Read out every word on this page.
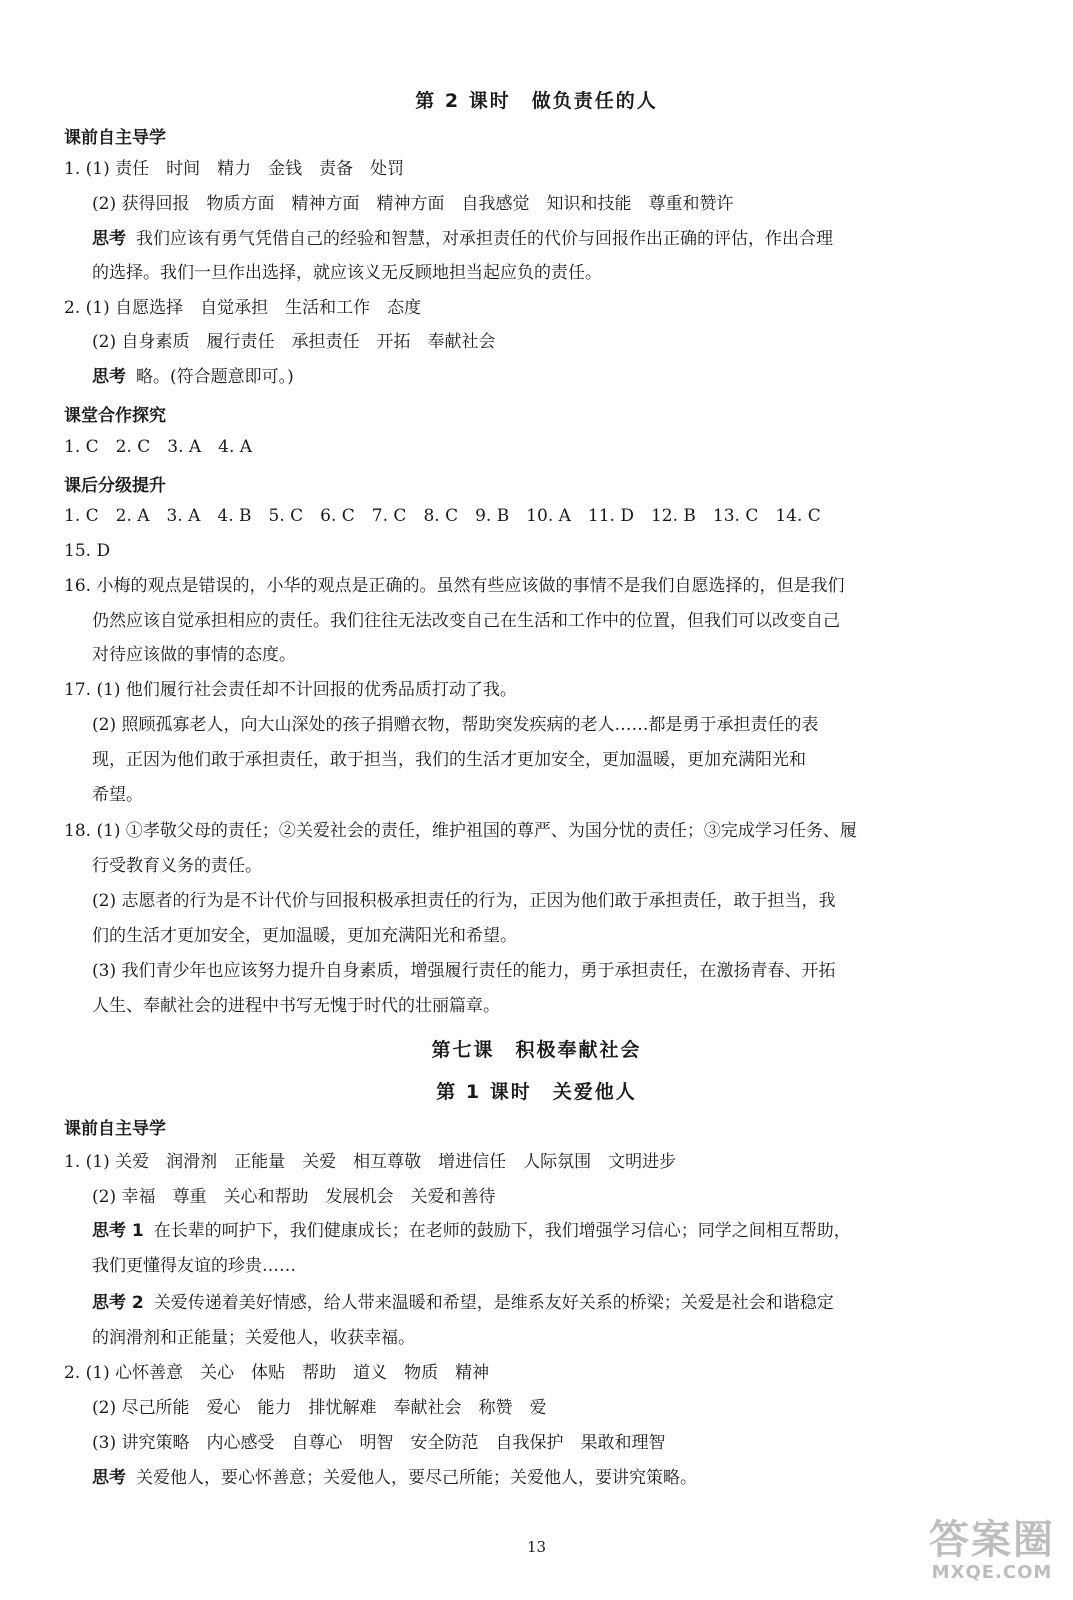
第 2 课时　做负责任的人
课前自主导学
1. (1) 责任　时间　精力　金钱　责备　处罚
(2) 获得回报　物质方面　精神方面　精神方面　自我感觉　知识和技能　尊重和赞许
思考 我们应该有勇气凭借自己的经验和智慧，对承担责任的代价与回报作出正确的评估，作出合理
的选择。我们一旦作出选择，就应该义无反顾地担当起应负的责任。
2. (1) 自愿选择　自觉承担　生活和工作　态度
(2) 自身素质　履行责任　承担责任　开拓　奉献社会
思考 略。(符合题意即可。)
课堂合作探究
1. C　2. C　3. A　4. A
课后分级提升
1. C　2. A　3. A　4. B　5. C　6. C　7. C　8. C　9. B　10. A　11. D　12. B　13. C　14. C
15. D
16. 小梅的观点是错误的，小华的观点是正确的。虽然有些应该做的事情不是我们自愿选择的，但是我们
仍然应该自觉承担相应的责任。我们往往无法改变自己在生活和工作中的位置，但我们可以改变自己
对待应该做的事情的态度。
17. (1) 他们履行社会责任却不计回报的优秀品质打动了我。
(2) 照顾孤寡老人，向大山深处的孩子捐赠衣物，帮助突发疾病的老人……都是勇于承担责任的表
现，正因为他们敢于承担责任，敢于担当，我们的生活才更加安全，更加温暖，更加充满阳光和
希望。
18. (1) ①孝敬父母的责任；②关爱社会的责任，维护祖国的尊严、为国分忧的责任；③完成学习任务、履
行受教育义务的责任。
(2) 志愿者的行为是不计代价与回报积极承担责任的行为，正因为他们敢于承担责任，敢于担当，我
们的生活才更加安全，更加温暖，更加充满阳光和希望。
(3) 我们青少年也应该努力提升自身素质，增强履行责任的能力，勇于承担责任，在激扬青春、开拓
人生、奉献社会的进程中书写无愧于时代的壮丽篇章。
第七课　积极奉献社会
第 1 课时　关爱他人
课前自主导学
1. (1) 关爱　润滑剂　正能量　关爱　相互尊敬　增进信任　人际氛围　文明进步
(2) 幸福　尊重　关心和帮助　发展机会　关爱和善待
思考 1 在长辈的呵护下，我们健康成长；在老师的鼓励下，我们增强学习信心；同学之间相互帮助，
我们更懂得友谊的珍贵……
思考 2 关爱传递着美好情感，给人带来温暖和希望，是维系友好关系的桥梁；关爱是社会和谐稳定
的润滑剂和正能量；关爱他人，收获幸福。
2. (1) 心怀善意　关心　体贴　帮助　道义　物质　精神
(2) 尽己所能　爱心　能力　排忧解难　奉献社会　称赞　爱
(3) 讲究策略　内心感受　自尊心　明智　安全防范　自我保护　果敢和理智
思考 关爱他人，要心怀善意；关爱他人，要尽己所能；关爱他人，要讲究策略。
13	答案圈
MXQE.COM
